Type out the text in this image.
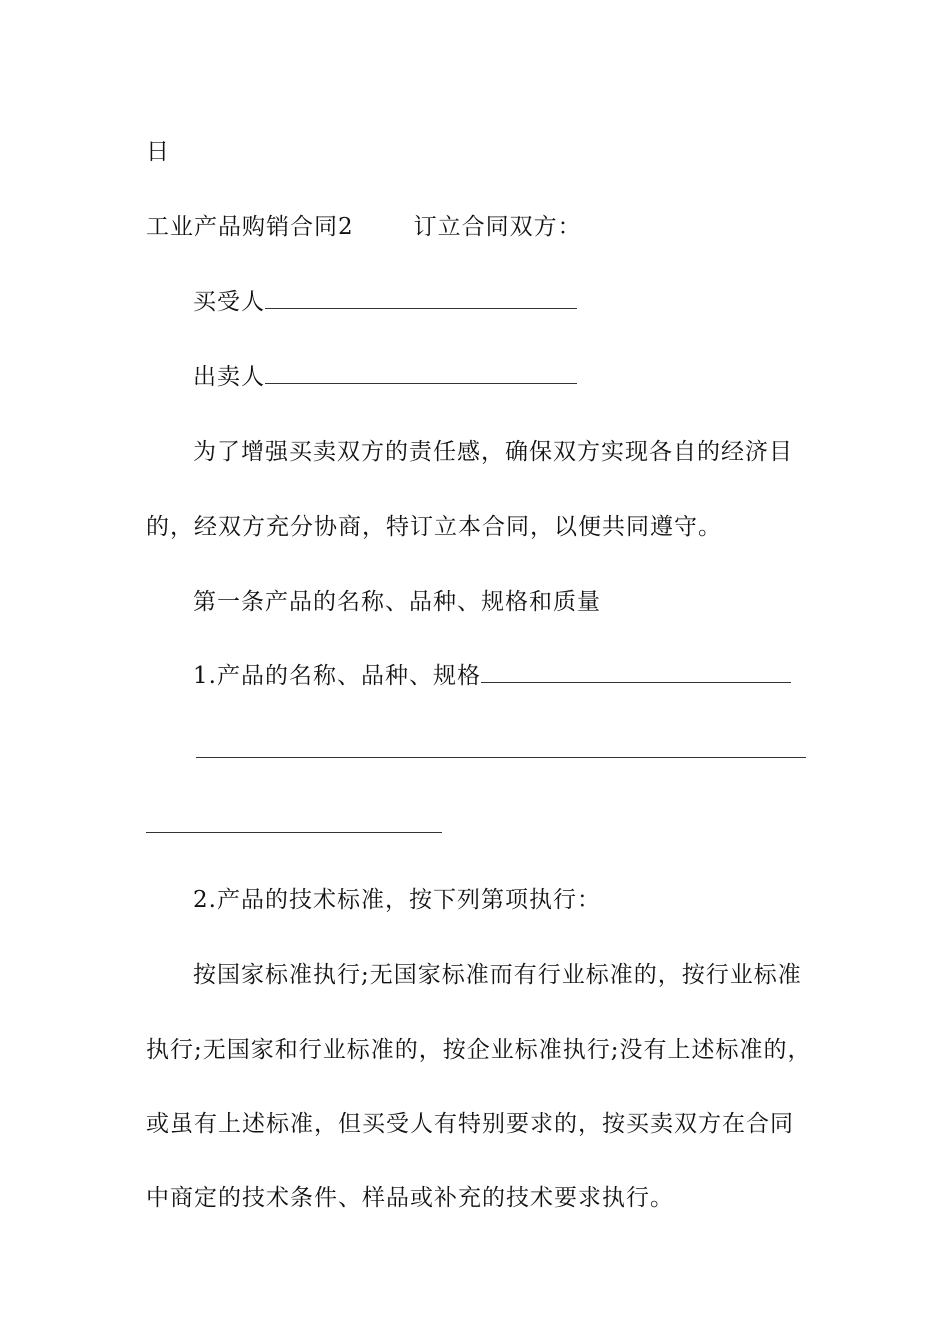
日
工业产品购销合同2	订立合同双方：
买受人
出卖人
为了增强买卖双方的责任感，确保双方实现各自的经济目
的，经双方充分协商，特订立本合同，以便共同遵守。
第一条产品的名称、品种、规格和质量
1.产品的名称、品种、规格
2.产品的技术标准，按下列第项执行：
按国家标准执行;无国家标准而有行业标准的，按行业标准
执行;无国家和行业标准的，按企业标准执行;没有上述标准的，
或虽有上述标准，但买受人有特别要求的，按买卖双方在合同
中商定的技术条件、样品或补充的技术要求执行。
